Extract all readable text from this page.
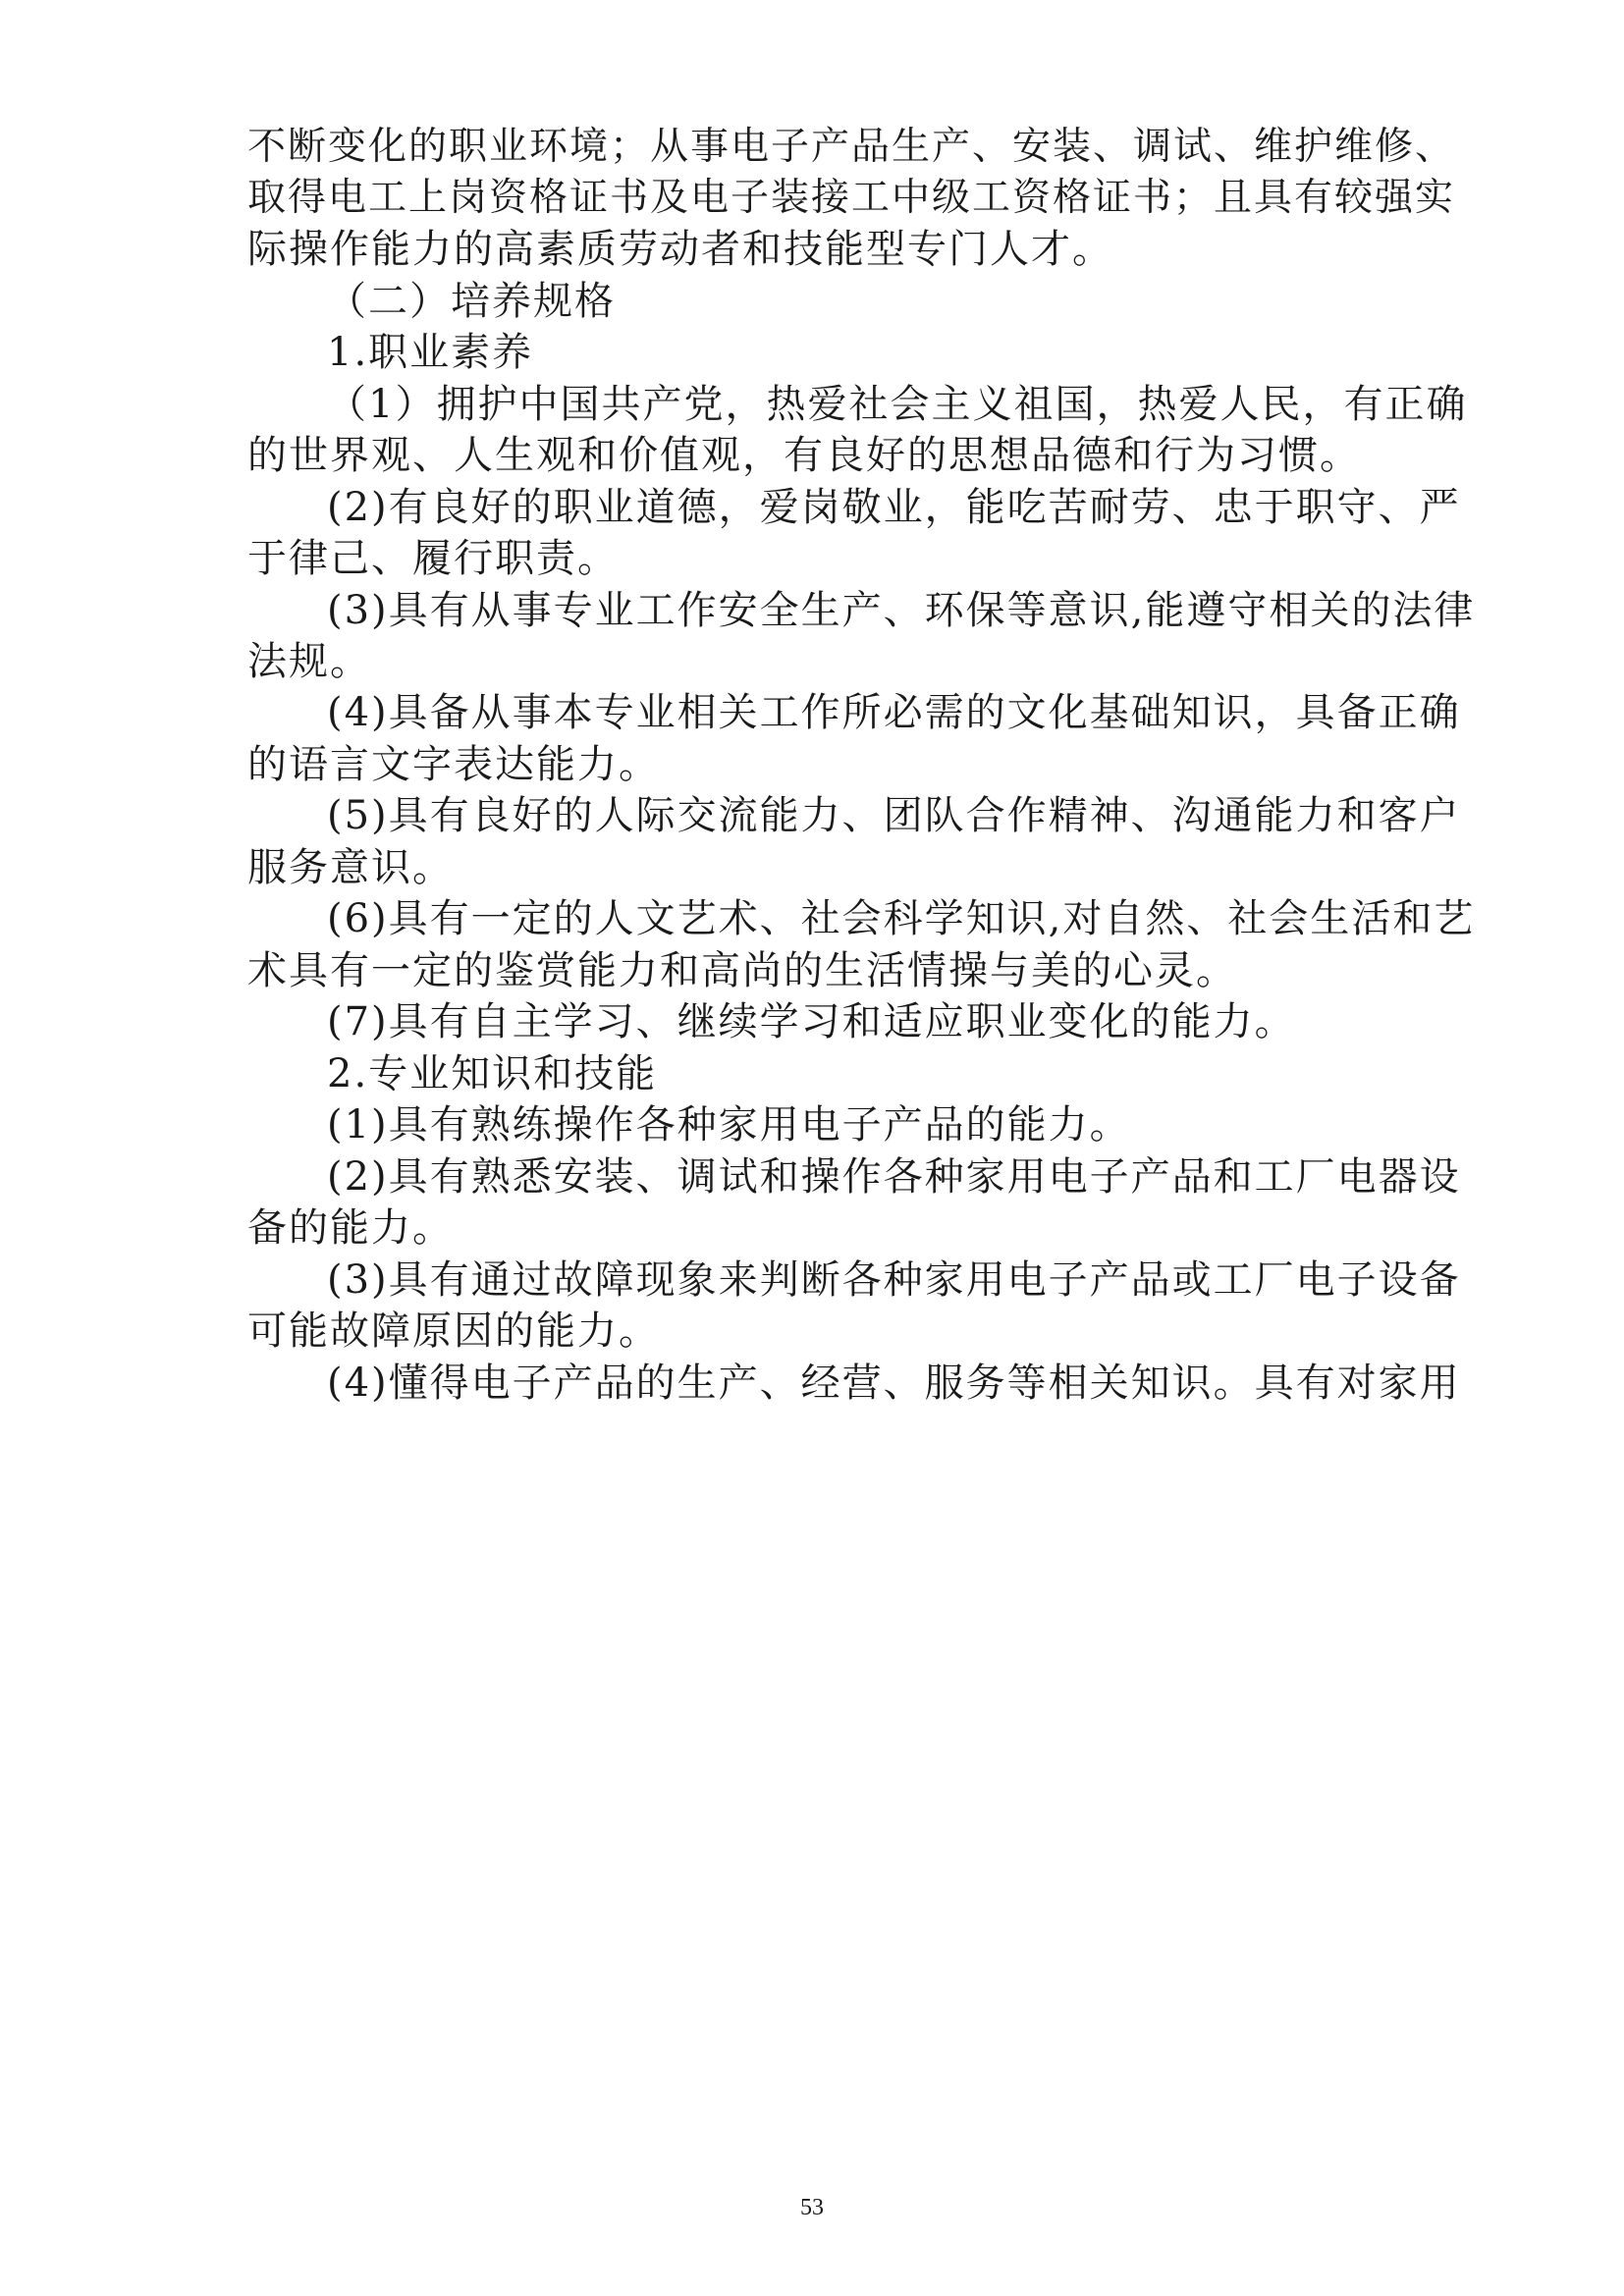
不断变化的职业环境；从事电子产品生产、安装、调试、维护维修、
取得电工上岗资格证书及电子装接工中级工资格证书；且具有较强实
际操作能力的高素质劳动者和技能型专门人才。
（二）培养规格
1.职业素养
（1）拥护中国共产党，热爱社会主义祖国，热爱人民，有正确
的世界观、人生观和价值观，有良好的思想品德和行为习惯。
(2)有良好的职业道德，爱岗敬业，能吃苦耐劳、忠于职守、严
于律己、履行职责。
(3)具有从事专业工作安全生产、环保等意识,能遵守相关的法律
法规。
(4)具备从事本专业相关工作所必需的文化基础知识，具备正确
的语言文字表达能力。
(5)具有良好的人际交流能力、团队合作精神、沟通能力和客户
服务意识。
(6)具有一定的人文艺术、社会科学知识,对自然、社会生活和艺
术具有一定的鉴赏能力和高尚的生活情操与美的心灵。
(7)具有自主学习、继续学习和适应职业变化的能力。
2.专业知识和技能
(1)具有熟练操作各种家用电子产品的能力。
(2)具有熟悉安装、调试和操作各种家用电子产品和工厂电器设
备的能力。
(3)具有通过故障现象来判断各种家用电子产品或工厂电子设备
可能故障原因的能力。
(4)懂得电子产品的生产、经营、服务等相关知识。具有对家用
53
